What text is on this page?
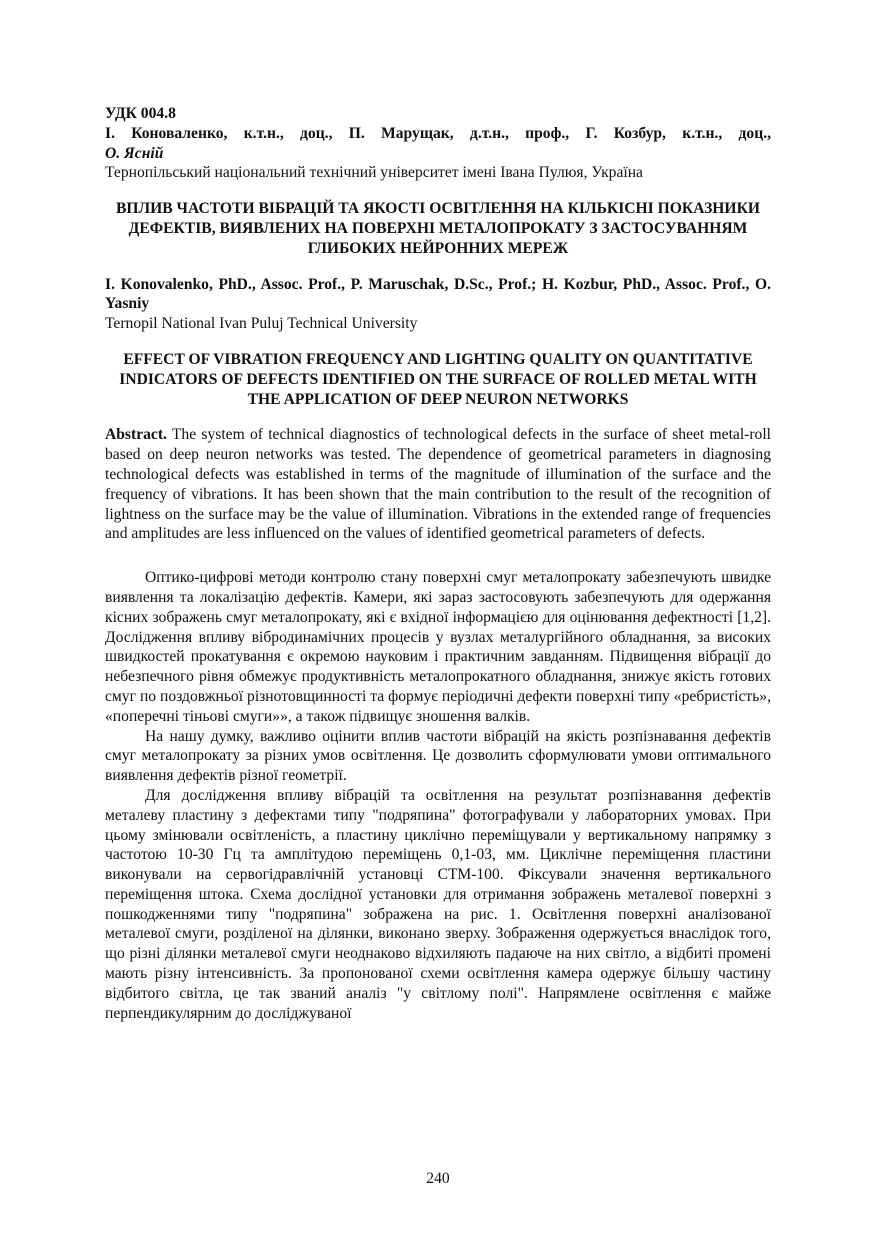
УДК 004.8
І. Коноваленко, к.т.н., доц., П. Марущак, д.т.н., проф., Г. Козбур, к.т.н., доц.,
О. Ясній
Тернопільський національний технічний університет імені Івана Пулюя, Україна

ВПЛИВ ЧАСТОТИ ВІБРАЦІЙ ТА ЯКОСТІ ОСВІТЛЕННЯ НА КІЛЬКІСНІ ПОКАЗНИКИ ДЕФЕКТІВ, ВИЯВЛЕНИХ НА ПОВЕРХНІ МЕТАЛОПРОКАТУ З ЗАСТОСУВАННЯМ ГЛИБОКИХ НЕЙРОННИХ МЕРЕЖ

I. Konovalenko, PhD., Assoc. Prof., P. Maruschak, D.Sc., Prof.; H. Kozbur, PhD., Assoc. Prof., O. Yasniy
Ternopil National Ivan Puluj Technical University

EFFECT OF VIBRATION FREQUENCY AND LIGHTING QUALITY ON QUANTITATIVE INDICATORS OF DEFECTS IDENTIFIED ON THE SURFACE OF ROLLED METAL WITH THE APPLICATION OF DEEP NEURON NETWORKS

Abstract. The system of technical diagnostics of technological defects in the surface of sheet metal-roll based on deep neuron networks was tested. The dependence of geometrical parameters in diagnosing technological defects was established in terms of the magnitude of illumination of the surface and the frequency of vibrations. It has been shown that the main contribution to the result of the recognition of lightness on the surface may be the value of illumination. Vibrations in the extended range of frequencies and amplitudes are less influenced on the values of identified geometrical parameters of defects.

Оптико-цифрові методи контролю стану поверхні смуг металопрокату забезпечують швидке виявлення та локалізацію дефектів. Камери, які зараз застосовують забезпечують для одержання кісних зображень смуг металопрокату, які є вхідної інформацією для оцінювання дефектності [1,2]. Дослідження впливу вібродинамічних процесів у вузлах металургійного обладнання, за високих швидкостей прокатування є окремою науковим і практичним завданням. Підвищення вібрації до небезпечного рівня обмежує продуктивність металопрокатного обладнання, знижує якість готових смуг по поздовжньої різнотовщинності та формує періодичні дефекти поверхні типу «ребристість», «поперечні тіньові смуги»», а також підвищує зношення валків.

На нашу думку, важливо оцінити вплив частоти вібрацій на якість розпізнавання дефектів смуг металопрокату за різних умов освітлення. Це дозволить сформулювати умови оптимального виявлення дефектів різної геометрії.

Для дослідження впливу вібрацій та освітлення на результат розпізнавання дефектів металеву пластину з дефектами типу "подряпина" фотографували у лабораторних умовах. При цьому змінювали освітленість, а пластину циклічно переміщували у вертикальному напрямку з частотою 10-30 Гц та амплітудою переміщень 0,1-03, мм. Циклічне переміщення пластини виконували на сервогідравлічній установці СТМ-100. Фіксували значення вертикального переміщення штока. Схема дослідної установки для отримання зображень металевої поверхні з пошкодженнями типу "подряпина" зображена на рис. 1. Освітлення поверхні аналізованої металевої смуги, розділеної на ділянки, виконано зверху. Зображення одержується внаслідок того, що різні ділянки металевої смуги неоднаково відхиляють падаюче на них світло, а відбиті промені мають різну інтенсивність. За пропонованої схеми освітлення камера одержує більшу частину відбитого світла, це так званий аналіз "у світлому полі". Напрямлене освітлення є майже перпендикулярним до досліджуваної

240
